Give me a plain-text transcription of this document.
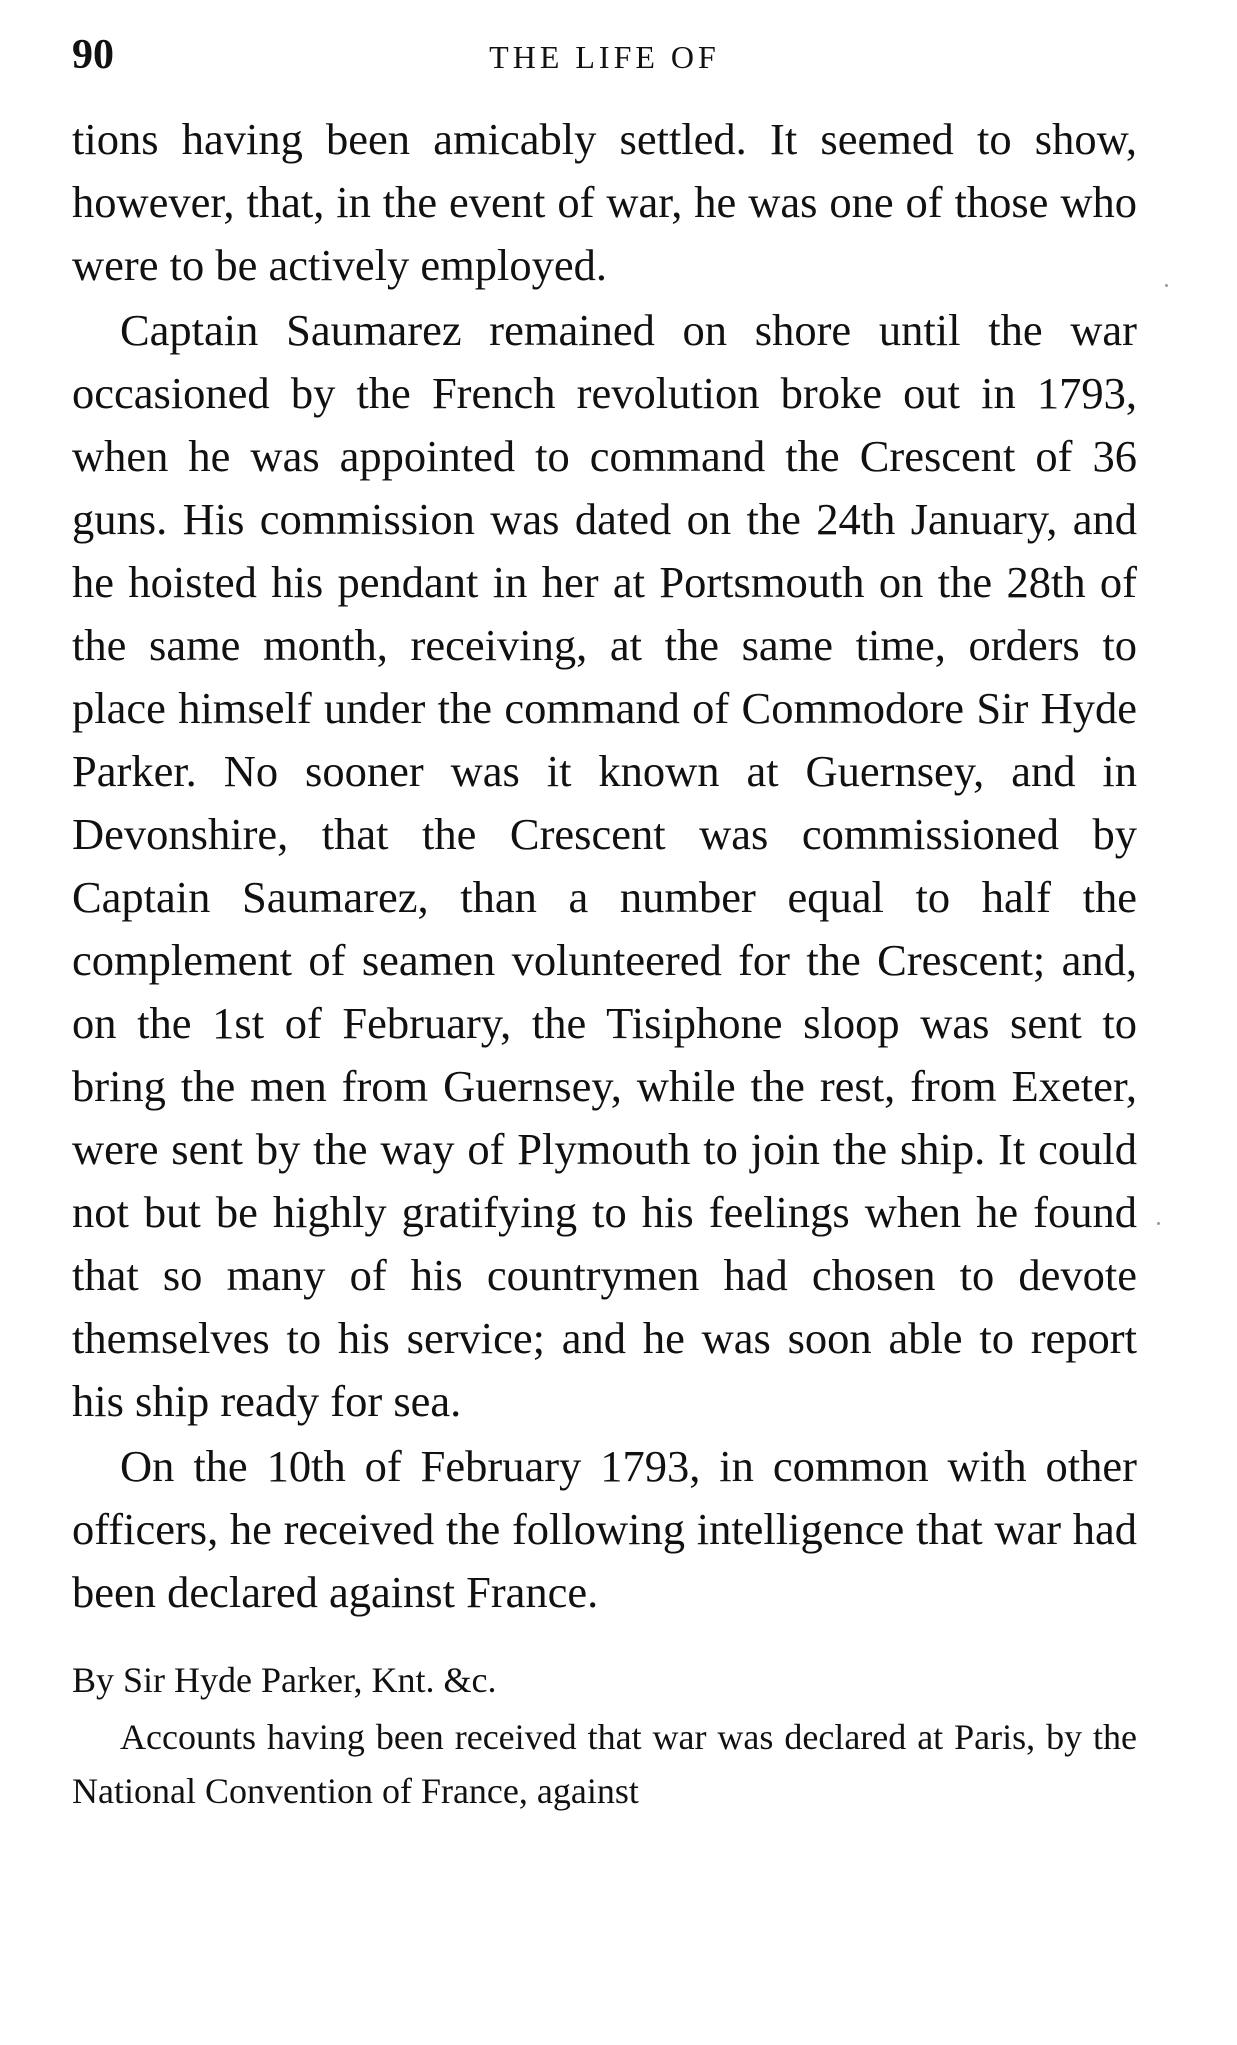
90	THE LIFE OF

tions having been amicably settled. It seemed to show, however, that, in the event of war, he was one of those who were to be actively employed.

Captain Saumarez remained on shore until the war occasioned by the French revolution broke out in 1793, when he was appointed to command the Crescent of 36 guns. His commission was dated on the 24th January, and he hoisted his pendant in her at Portsmouth on the 28th of the same month, receiving, at the same time, orders to place himself under the command of Commodore Sir Hyde Parker. No sooner was it known at Guernsey, and in Devonshire, that the Crescent was commissioned by Captain Saumarez, than a number equal to half the complement of seamen volunteered for the Crescent; and, on the 1st of February, the Tisiphone sloop was sent to bring the men from Guernsey, while the rest, from Exeter, were sent by the way of Plymouth to join the ship. It could not but be highly gratifying to his feelings when he found that so many of his countrymen had chosen to devote themselves to his service; and he was soon able to report his ship ready for sea.

On the 10th of February 1793, in common with other officers, he received the following intelligence that war had been declared against France.

By Sir Hyde Parker, Knt. &c.

Accounts having been received that war was declared at Paris, by the National Convention of France, against
